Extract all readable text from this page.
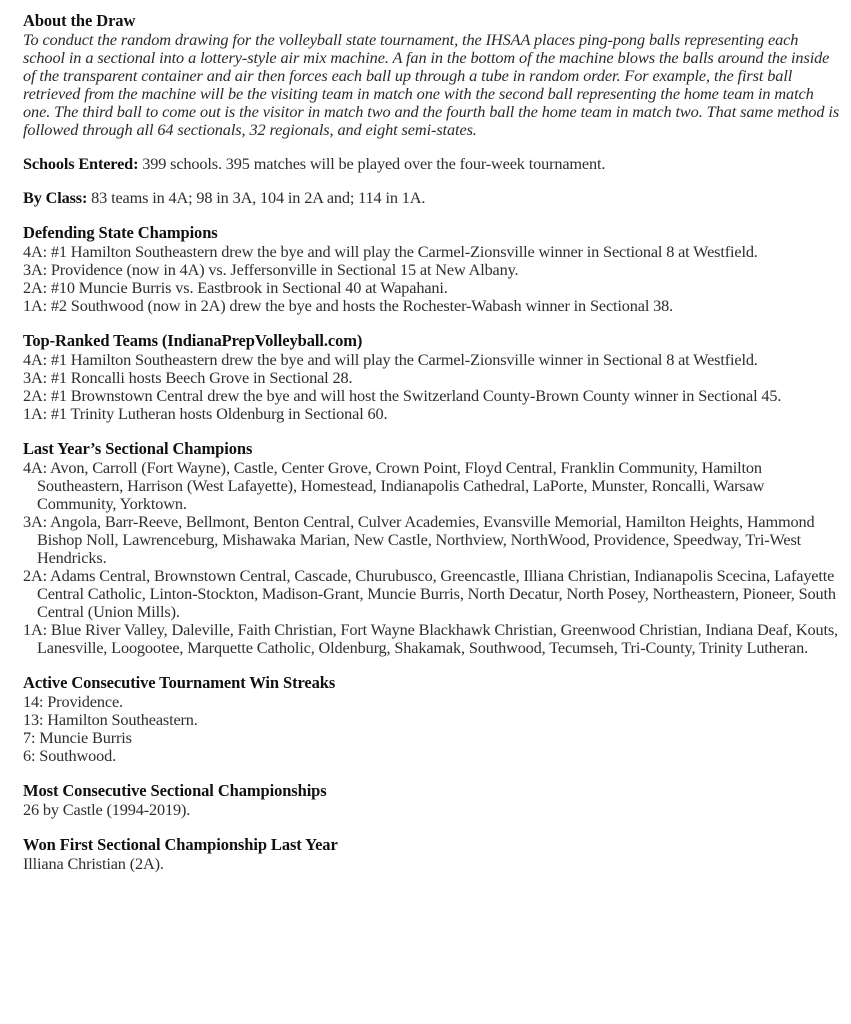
About the Draw
To conduct the random drawing for the volleyball state tournament, the IHSAA places ping-pong balls representing each school in a sectional into a lottery-style air mix machine. A fan in the bottom of the machine blows the balls around the inside of the transparent container and air then forces each ball up through a tube in random order. For example, the first ball retrieved from the machine will be the visiting team in match one with the second ball representing the home team in match one. The third ball to come out is the visitor in match two and the fourth ball the home team in match two. That same method is followed through all 64 sectionals, 32 regionals, and eight semi-states.
Schools Entered: 399 schools. 395 matches will be played over the four-week tournament.
By Class: 83 teams in 4A; 98 in 3A, 104 in 2A and; 114 in 1A.
Defending State Champions
4A: #1 Hamilton Southeastern drew the bye and will play the Carmel-Zionsville winner in Sectional 8 at Westfield.
3A: Providence (now in 4A) vs. Jeffersonville in Sectional 15 at New Albany.
2A: #10 Muncie Burris vs. Eastbrook in Sectional 40 at Wapahani.
1A: #2 Southwood (now in 2A) drew the bye and hosts the Rochester-Wabash winner in Sectional 38.
Top-Ranked Teams (IndianaPrepVolleyball.com)
4A: #1 Hamilton Southeastern drew the bye and will play the Carmel-Zionsville winner in Sectional 8 at Westfield.
3A: #1 Roncalli hosts Beech Grove in Sectional 28.
2A: #1 Brownstown Central drew the bye and will host the Switzerland County-Brown County winner in Sectional 45.
1A: #1 Trinity Lutheran hosts Oldenburg in Sectional 60.
Last Year’s Sectional Champions
4A: Avon, Carroll (Fort Wayne), Castle, Center Grove, Crown Point, Floyd Central, Franklin Community, Hamilton Southeastern, Harrison (West Lafayette), Homestead, Indianapolis Cathedral, LaPorte, Munster, Roncalli, Warsaw Community, Yorktown.
3A: Angola, Barr-Reeve, Bellmont, Benton Central, Culver Academies, Evansville Memorial, Hamilton Heights, Hammond Bishop Noll, Lawrenceburg, Mishawaka Marian, New Castle, Northview, NorthWood, Providence, Speedway, Tri-West Hendricks.
2A: Adams Central, Brownstown Central, Cascade, Churubusco, Greencastle, Illiana Christian, Indianapolis Scecina, Lafayette Central Catholic, Linton-Stockton, Madison-Grant, Muncie Burris, North Decatur, North Posey, Northeastern, Pioneer, South Central (Union Mills).
1A: Blue River Valley, Daleville, Faith Christian, Fort Wayne Blackhawk Christian, Greenwood Christian, Indiana Deaf, Kouts, Lanesville, Loogootee, Marquette Catholic, Oldenburg, Shakamak, Southwood, Tecumseh, Tri-County, Trinity Lutheran.
Active Consecutive Tournament Win Streaks
14: Providence.
13: Hamilton Southeastern.
7: Muncie Burris
6: Southwood.
Most Consecutive Sectional Championships
26 by Castle (1994-2019).
Won First Sectional Championship Last Year
Illiana Christian (2A).
